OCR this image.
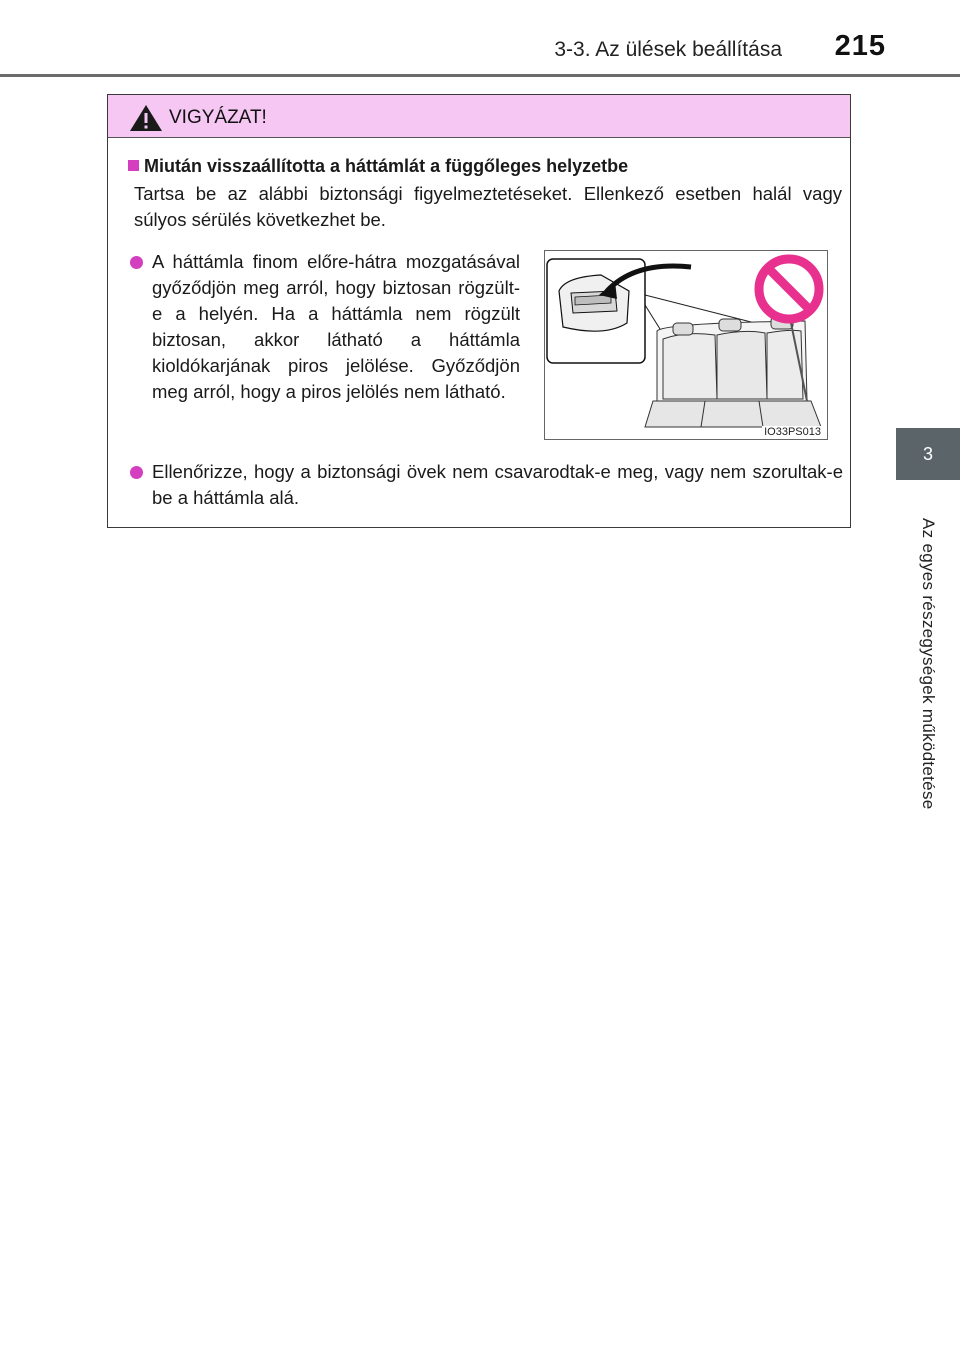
3-3. Az ülések beállítása 215
3
Az egyes részegységek működtetése
VIGYÁZAT!
Miután visszaállította a háttámlát a függőleges helyzetbe
Tartsa be az alábbi biztonsági figyelmeztetéseket. Ellenkező esetben halál vagy súlyos sérülés következhet be.
A háttámla finom előre-hátra mozgatásával győződjön meg arról, hogy biztosan rögzült-e a helyén. Ha a háttámla nem rögzült biztosan, akkor látható a háttámla kioldókarjának piros jelölése. Győződjön meg arról, hogy a piros jelölés nem látható.
IO33PS013
Ellenőrizze, hogy a biztonsági övek nem csavarodtak-e meg, vagy nem szorultak-e be a háttámla alá.
